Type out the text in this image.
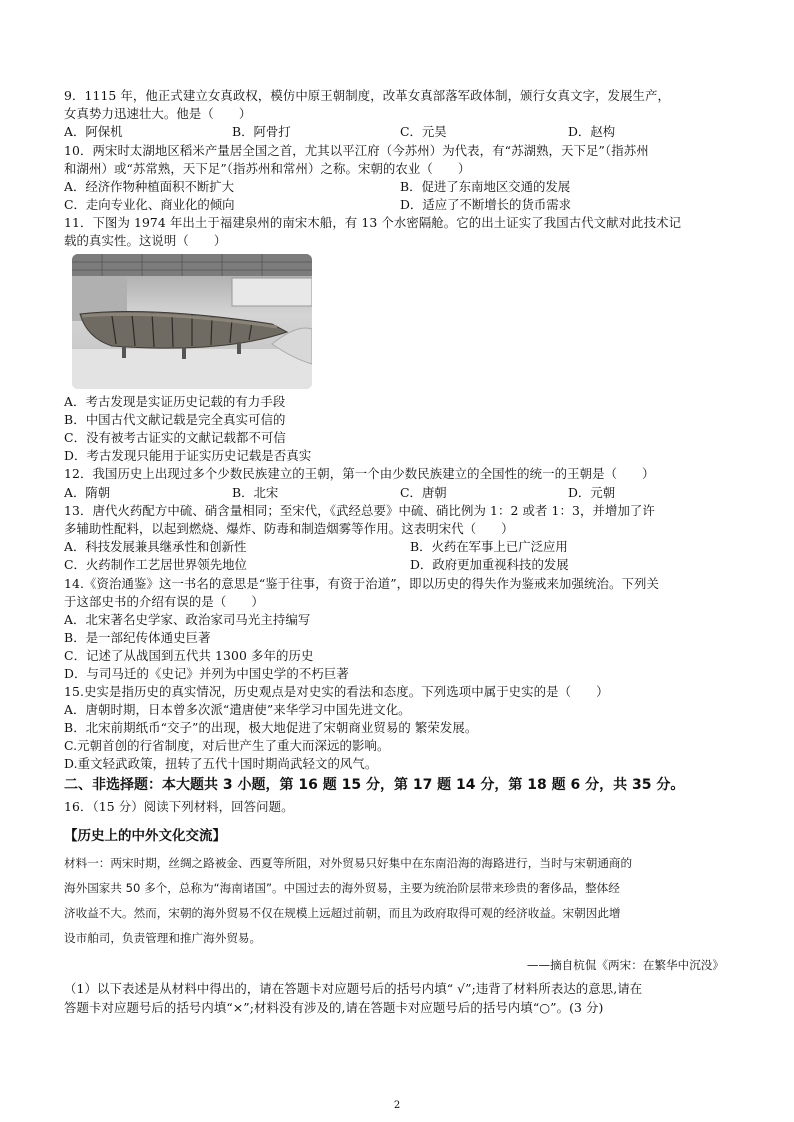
9．1115 年，他正式建立女真政权，模仿中原王朝制度，改革女真部落军政体制，颁行女真文字，发展生产，
女真势力迅速壮大。他是（　　）
A．阿保机	B．阿骨打	C．元昊	D．赵构
10．两宋时太湖地区稻米产量居全国之首，尤其以平江府（今苏州）为代表，有“苏湖熟，天下足”（指苏州
和湖州）或“苏常熟，天下足”（指苏州和常州）之称。宋朝的农业（　　）
A．经济作物种植面积不断扩大	B．促进了东南地区交通的发展
C．走向专业化、商业化的倾向	D．适应了不断增长的货币需求
11．下图为 1974 年出土于福建泉州的南宋木船，有 13 个水密隔舱。它的出土证实了我国古代文献对此技术记
载的真实性。这说明（　　）
A．考古发现是实证历史记载的有力手段
B．中国古代文献记载是完全真实可信的
C．没有被考古证实的文献记载都不可信
D．考古发现只能用于证实历史记载是否真实
12．我国历史上出现过多个少数民族建立的王朝，第一个由少数民族建立的全国性的统一的王朝是（　　）
A．隋朝	B．北宋	C．唐朝	D．元朝
13．唐代火药配方中硫、硝含量相同；至宋代，《武经总要》中硫、硝比例为 1：2 或者 1：3，并增加了许
多辅助性配料，以起到燃烧、爆炸、防毒和制造烟雾等作用。这表明宋代（　　）
A．科技发展兼具继承性和创新性	B．火药在军事上已广泛应用
C．火药制作工艺居世界领先地位	D．政府更加重视科技的发展
14.《资治通鉴》这一书名的意思是“鉴于往事，有资于治道”，即以历史的得失作为鉴戒来加强统治。下列关
于这部史书的介绍有误的是（　　）
A．北宋著名史学家、政治家司马光主持编写
B．是一部纪传体通史巨著
C．记述了从战国到五代共 1300 多年的历史
D．与司马迁的《史记》并列为中国史学的不朽巨著
15.史实是指历史的真实情况，历史观点是对史实的看法和态度。下列选项中属于史实的是（　　）
A．唐朝时期，日本曾多次派“遣唐使”来华学习中国先进文化。
B．北宋前期纸币“交子”的出现，极大地促进了宋朝商业贸易的 繁荣发展。
C.元朝首创的行省制度，对后世产生了重大而深远的影响。
D.重文轻武政策，扭转了五代十国时期尚武轻文的风气。
二、非选择题：本大题共 3 小题，第 16 题 15 分，第 17 题 14 分，第 18 题 6 分，共 35 分。
16．（15 分）阅读下列材料，回答问题。
【历史上的中外文化交流】
材料一：两宋时期，丝绸之路被金、西夏等所阻，对外贸易只好集中在东南沿海的海路进行，当时与宋朝通商的
海外国家共 50 多个，总称为“海南诸国”。中国过去的海外贸易，主要为统治阶层带来珍贵的奢侈品，整体经
济收益不大。然而，宋朝的海外贸易不仅在规模上远超过前朝，而且为政府取得可观的经济收益。宋朝因此增
设市舶司，负责管理和推广海外贸易。
——摘自杭侃《两宋：在繁华中沉没》
（1）以下表述是从材料中得出的，请在答题卡对应题号后的括号内填“ √”;违背了材料所表达的意思,请在
答题卡对应题号后的括号内填“×”;材料没有涉及的,请在答题卡对应题号后的括号内填“○”。(3 分)
2
